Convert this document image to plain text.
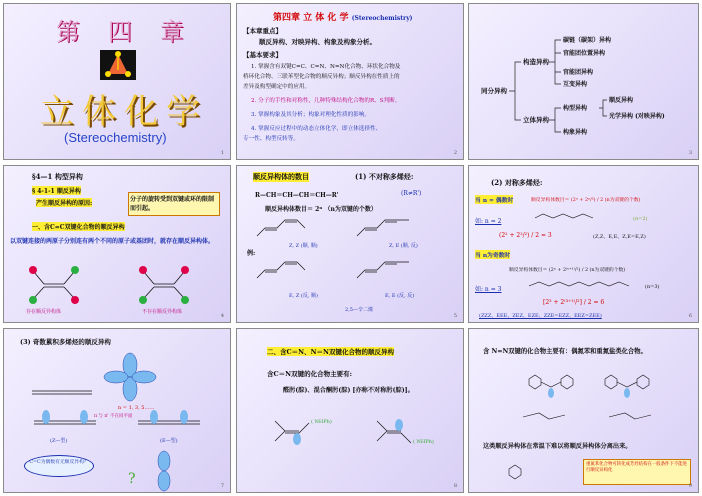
第 四 章
立 体 化 学
(Stereochemistry)
1
第四章 立 体 化 学 (Stereochemistry)
【本章重点】
顺反异构、对映异构、构象及构象分析。
【基本要求】
1. 掌握含有双键C=C、C=N、N=N化合物、环状化合物及
桥环化合物、三联苯型化合物的顺反异构；顺反异构在性质上的
差异及构型确定中的应用。
2. 分子的手性和对称性，几种特殊结构化合物的R、S判断。
3. 掌握构象及其分析；构象对理化性质的影响。
4. 掌握反应过程中的动态立体化学，即立体选择性、
专一性、构型反转等。
2
同分异构
构造异构
立体异构
碳链（碳架）异构
官能团位置异构
官能团异构
互变异构
构型异构
顺反异构
光学异构 (对映异构)
构象异构
3
§4—1 构型异构
§ 4-1-1 顺反异构
产生顺反异构的原因:
分子的旋转受到双键或环的限制而引起。
一、含C=C双键化合物的顺反异构
以双键连接的两原子分别连有两个不同的原子或基团时，就存在顺反异构体。
存在顺反异构体	不存在顺反异构体
4
顺反异构体的数目	(1) 不对称多烯烃:
R—CH＝CH—CH＝CH—R'	(R≠R')
顺反异构体数目＝ 2ⁿ （n为双键的个数）
例:
Z, Z (顺, 顺)	Z, E (顺, 反)
E, Z (反, 顺)	E, E (反, 反)
2,5—辛二烯
5
(2) 对称多烯烃:
当 n = 偶数时	顺反异构体数目＝ (2ⁿ + 2ⁿ/²) / 2 (n为双键的个数)
如: n = 2	(n=2)
(2² + 2²/²) / 2 = 3	(Z,Z、E,E、Z,E=E,Z)
当 n为奇数时
顺反异构体数目＝ (2ⁿ + 2⁽ⁿ⁺¹⁾/²) / 2 (n为双键的个数)
如: n = 3	(n=3)
[2³ + 2⁽³⁺¹⁾/²] / 2 = 6
(ZZZ、EEE、ZEZ、EZE、ZZE=EZZ、EEZ=ZEE)	6
(3) 奇数累积多烯烃的顺反异构
?
n = 1, 3, 5……
π 与 π' 不在同平面
(Z—型)	(E—型)
C=C为偶数有无顺反异构？
7
二、含C＝N、N＝N双键化合物的顺反异构
含C＝N双键的化合物主要有:
醛肟(腙)、混合酮肟(腙) [亦称不对称肟(腙)]。
( NHPh)
( NHPh)
8
含 N=N双键的化合物主要有：偶氮苯和重氮盐类化合物。
这类顺反异构体在常温下难以将顺反异构体分离出来。
重氮苯化合物可转化成芳烃结构在一般条件下不能进行顺反异构化
9
